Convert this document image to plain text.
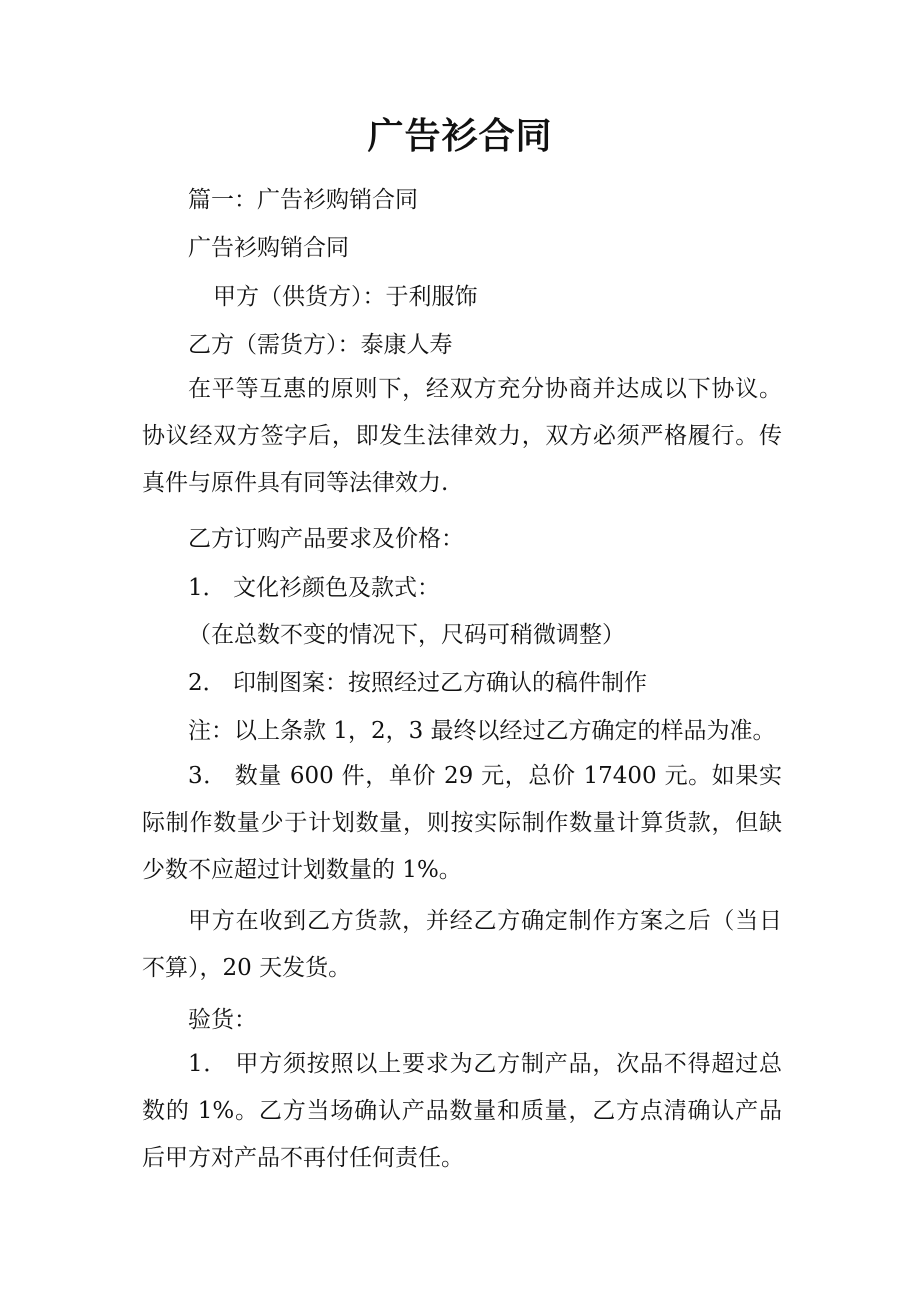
广告衫合同
篇一：广告衫购销合同
广告衫购销合同
甲方（供货方）：于利服饰
乙方（需货方）：泰康人寿
在平等互惠的原则下，经双方充分协商并达成以下协议。协议经双方签字后，即发生法律效力，双方必须严格履行。传真件与原件具有同等法律效力.
乙方订购产品要求及价格：
1． 文化衫颜色及款式：
（在总数不变的情况下，尺码可稍微调整）
2． 印制图案：按照经过乙方确认的稿件制作
注：以上条款 1，2，3 最终以经过乙方确定的样品为准。
3． 数量 600 件，单价 29 元，总价 17400 元。如果实际制作数量少于计划数量，则按实际制作数量计算货款，但缺少数不应超过计划数量的 1%。
甲方在收到乙方货款，并经乙方确定制作方案之后（当日不算），20 天发货。
验货：
1． 甲方须按照以上要求为乙方制产品，次品不得超过总数的 1%。乙方当场确认产品数量和质量，乙方点清确认产品后甲方对产品不再付任何责任。
